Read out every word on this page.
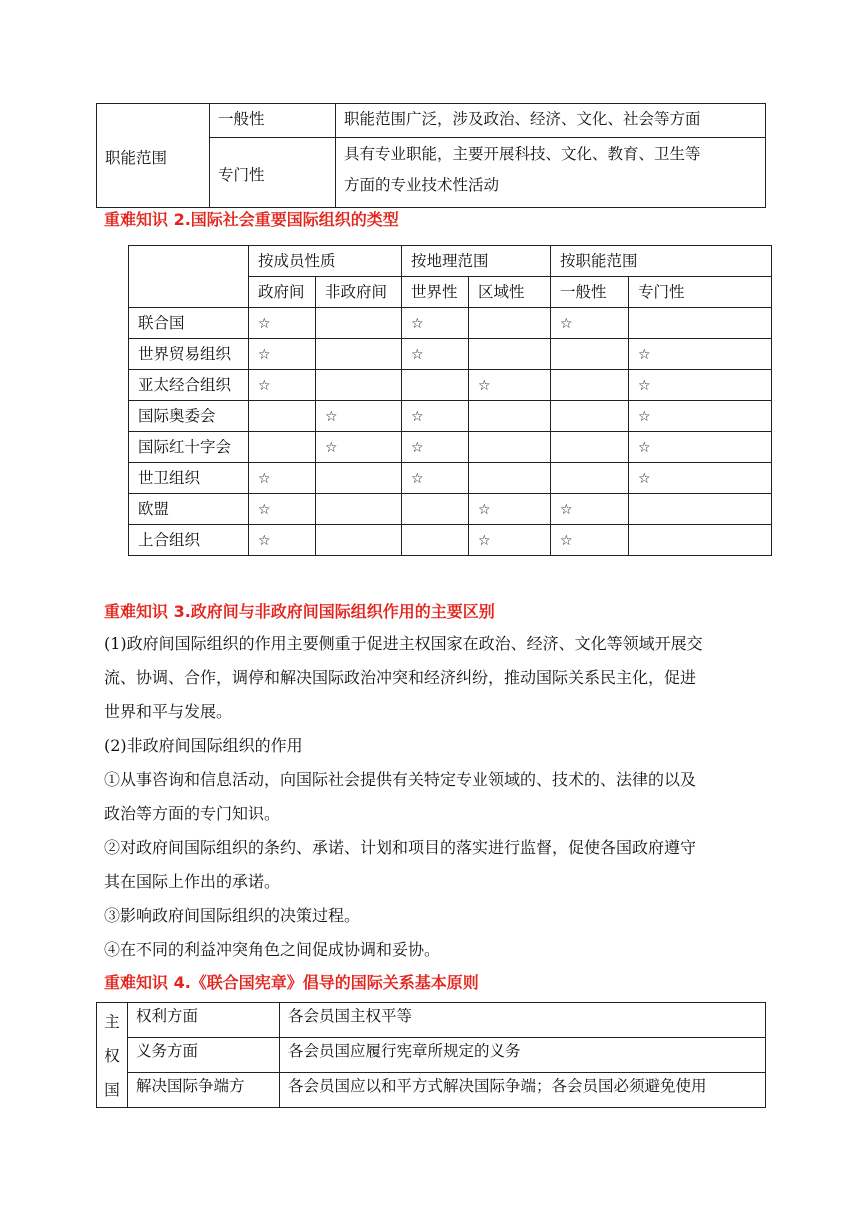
职能范围	一般性	职能范围广泛，涉及政治、经济、文化、社会等方面
	专门性	具有专业职能，主要开展科技、文化、教育、卫生等
方面的专业技术性活动
重难知识 2.国际社会重要国际组织的类型
	按成员性质		按地理范围		按职能范围	
	政府间	非政府间	世界性	区域性	一般性	专门性
联合国	☆		☆		☆	
世界贸易组织	☆		☆			☆
亚太经合组织	☆			☆		☆
国际奥委会		☆	☆			☆
国际红十字会		☆	☆			☆
世卫组织	☆		☆			☆
欧盟	☆			☆	☆	
上合组织	☆			☆	☆	
重难知识 3.政府间与非政府间国际组织作用的主要区别
(1)政府间国际组织的作用主要侧重于促进主权国家在政治、经济、文化等领域开展交
流、协调、合作，调停和解决国际政治冲突和经济纠纷，推动国际关系民主化，促进
世界和平与发展。
(2)非政府间国际组织的作用
①从事咨询和信息活动，向国际社会提供有关特定专业领域的、技术的、法律的以及
政治等方面的专门知识。
②对政府间国际组织的条约、承诺、计划和项目的落实进行监督，促使各国政府遵守
其在国际上作出的承诺。
③影响政府间国际组织的决策过程。
④在不同的利益冲突角色之间促成协调和妥协。
重难知识 4.《联合国宪章》倡导的国际关系基本原则
主
权
国	权利方面	各会员国主权平等
	义务方面	各会员国应履行宪章所规定的义务
	解决国际争端方	各会员国应以和平方式解决国际争端；各会员国必须避免使用
